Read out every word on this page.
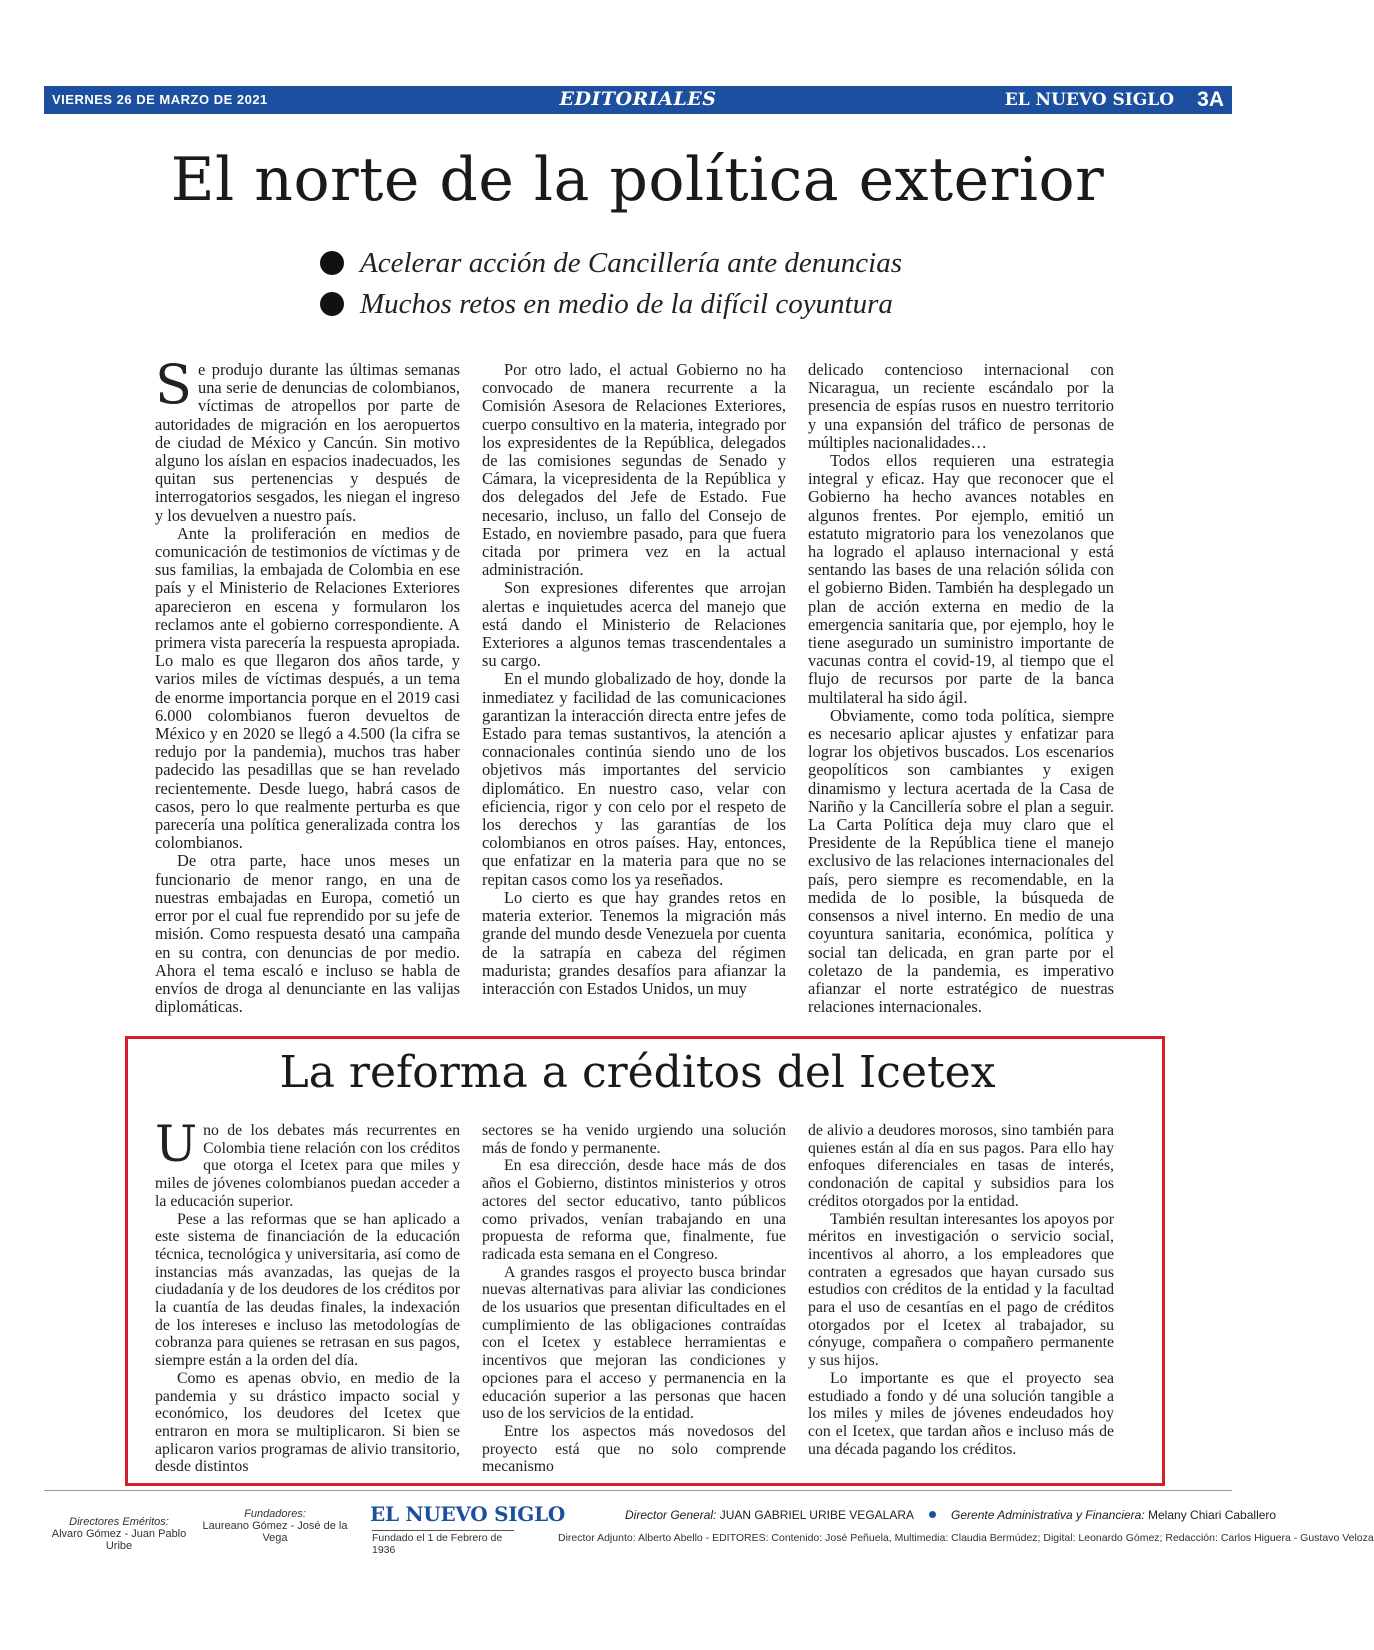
VIERNES 26 DE MARZO DE 2021	EDITORIALES	EL NUEVO SIGLO 3A
El norte de la política exterior
Acelerar acción de Cancillería ante denuncias
Muchos retos en medio de la difícil coyuntura

Se produjo durante las últimas semanas una serie de denuncias de colombianos, víctimas de atropellos por parte de autoridades de migración en los aeropuertos de ciudad de México y Cancún. Sin motivo alguno los aíslan en espacios inadecuados, les quitan sus pertenencias y después de interrogatorios sesgados, les niegan el ingreso y los devuelven a nuestro país.

Ante la proliferación en medios de comunicación de testimonios de víctimas y de sus familias, la embajada de Colombia en ese país y el Ministerio de Relaciones Exteriores aparecieron en escena y formularon los reclamos ante el gobierno correspondiente. A primera vista parecería la respuesta apropiada. Lo malo es que llegaron dos años tarde, y varios miles de víctimas después, a un tema de enorme importancia porque en el 2019 casi 6.000 colombianos fueron devueltos de México y en 2020 se llegó a 4.500 (la cifra se redujo por la pandemia), muchos tras haber padecido las pesadillas que se han revelado recientemente. Desde luego, habrá casos de casos, pero lo que realmente perturba es que parecería una política generalizada contra los colombianos.

De otra parte, hace unos meses un funcionario de menor rango, en una de nuestras embajadas en Europa, cometió un error por el cual fue reprendido por su jefe de misión. Como respuesta desató una campaña en su contra, con denuncias de por medio. Ahora el tema escaló e incluso se habla de envíos de droga al denunciante en las valijas diplomáticas.

Por otro lado, el actual Gobierno no ha convocado de manera recurrente a la Comisión Asesora de Relaciones Exteriores, cuerpo consultivo en la materia, integrado por los expresidentes de la República, delegados de las comisiones segundas de Senado y Cámara, la vicepresidenta de la República y dos delegados del Jefe de Estado. Fue necesario, incluso, un fallo del Consejo de Estado, en noviembre pasado, para que fuera citada por primera vez en la actual administración.

Son expresiones diferentes que arrojan alertas e inquietudes acerca del manejo que está dando el Ministerio de Relaciones Exteriores a algunos temas trascendentales a su cargo.

En el mundo globalizado de hoy, donde la inmediatez y facilidad de las comunicaciones garantizan la interacción directa entre jefes de Estado para temas sustantivos, la atención a connacionales continúa siendo uno de los objetivos más importantes del servicio diplomático. En nuestro caso, velar con eficiencia, rigor y con celo por el respeto de los derechos y las garantías de los colombianos en otros países. Hay, entonces, que enfatizar en la materia para que no se repitan casos como los ya reseñados.

Lo cierto es que hay grandes retos en materia exterior. Tenemos la migración más grande del mundo desde Venezuela por cuenta de la satrapía en cabeza del régimen madurista; grandes desafíos para afianzar la interacción con Estados Unidos, un muy

delicado contencioso internacional con Nicaragua, un reciente escándalo por la presencia de espías rusos en nuestro territorio y una expansión del tráfico de personas de múltiples nacionalidades…

Todos ellos requieren una estrategia integral y eficaz. Hay que reconocer que el Gobierno ha hecho avances notables en algunos frentes. Por ejemplo, emitió un estatuto migratorio para los venezolanos que ha logrado el aplauso internacional y está sentando las bases de una relación sólida con el gobierno Biden. También ha desplegado un plan de acción externa en medio de la emergencia sanitaria que, por ejemplo, hoy le tiene asegurado un suministro importante de vacunas contra el covid-19, al tiempo que el flujo de recursos por parte de la banca multilateral ha sido ágil.

Obviamente, como toda política, siempre es necesario aplicar ajustes y enfatizar para lograr los objetivos buscados. Los escenarios geopolíticos son cambiantes y exigen dinamismo y lectura acertada de la Casa de Nariño y la Cancillería sobre el plan a seguir. La Carta Política deja muy claro que el Presidente de la República tiene el manejo exclusivo de las relaciones internacionales del país, pero siempre es recomendable, en la medida de lo posible, la búsqueda de consensos a nivel interno. En medio de una coyuntura sanitaria, económica, política y social tan delicada, en gran parte por el coletazo de la pandemia, es imperativo afianzar el norte estratégico de nuestras relaciones internacionales.

La reforma a créditos del Icetex

Uno de los debates más recurrentes en Colombia tiene relación con los créditos que otorga el Icetex para que miles y miles de jóvenes colombianos puedan acceder a la educación superior.

Pese a las reformas que se han aplicado a este sistema de financiación de la educación técnica, tecnológica y universitaria, así como de instancias más avanzadas, las quejas de la ciudadanía y de los deudores de los créditos por la cuantía de las deudas finales, la indexación de los intereses e incluso las metodologías de cobranza para quienes se retrasan en sus pagos, siempre están a la orden del día.

Como es apenas obvio, en medio de la pandemia y su drástico impacto social y económico, los deudores del Icetex que entraron en mora se multiplicaron. Si bien se aplicaron varios programas de alivio transitorio, desde distintos

sectores se ha venido urgiendo una solución más de fondo y permanente.

En esa dirección, desde hace más de dos años el Gobierno, distintos ministerios y otros actores del sector educativo, tanto públicos como privados, venían trabajando en una propuesta de reforma que, finalmente, fue radicada esta semana en el Congreso.

A grandes rasgos el proyecto busca brindar nuevas alternativas para aliviar las condiciones de los usuarios que presentan dificultades en el cumplimiento de las obligaciones contraídas con el Icetex y establece herramientas e incentivos que mejoran las condiciones y opciones para el acceso y permanencia en la educación superior a las personas que hacen uso de los servicios de la entidad.

Entre los aspectos más novedosos del proyecto está que no solo comprende mecanismo

de alivio a deudores morosos, sino también para quienes están al día en sus pagos. Para ello hay enfoques diferenciales en tasas de interés, condonación de capital y subsidios para los créditos otorgados por la entidad.

También resultan interesantes los apoyos por méritos en investigación o servicio social, incentivos al ahorro, a los empleadores que contraten a egresados que hayan cursado sus estudios con créditos de la entidad y la facultad para el uso de cesantías en el pago de créditos otorgados por el Icetex al trabajador, su cónyuge, compañera o compañero permanente y sus hijos.

Lo importante es que el proyecto sea estudiado a fondo y dé una solución tangible a los miles y miles de jóvenes endeudados hoy con el Icetex, que tardan años e incluso más de una década pagando los créditos.

Directores Eméritos:
Alvaro Gómez - Juan Pablo Uribe
Fundadores:
Laureano Gómez - José de la Vega
EL NUEVO SIGLO
Fundado el 1 de Febrero de 1936
Director General: JUAN GABRIEL URIBE VEGALARA	Gerente Administrativa y Financiera: Melany Chiari Caballero
Director Adjunto: Alberto Abello - EDITORES: Contenido: José Peñuela, Multimedia: Claudia Bermúdez; Digital: Leonardo Gómez; Redacción: Carlos Higuera - Gustavo Veloza
